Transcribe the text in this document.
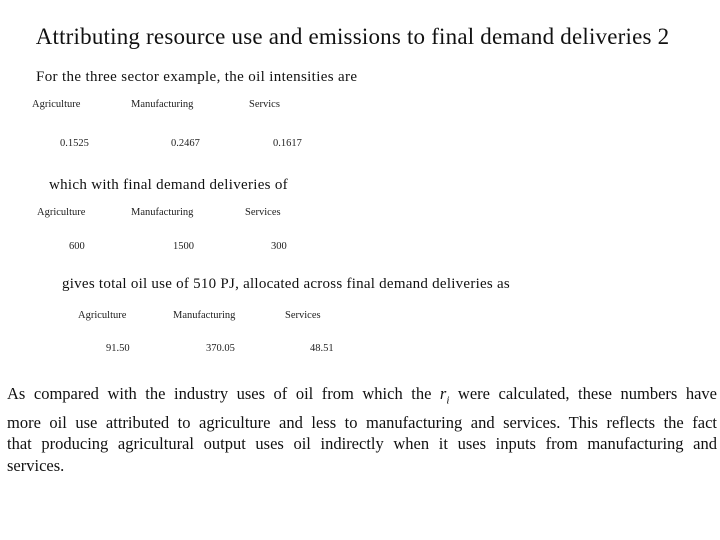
Attributing resource use and emissions to final demand deliveries 2
For the three sector example, the oil intensities are
Agriculture	Manufacturing	Servics
0.1525	0.2467	0.1617
which with final demand deliveries of
Agriculture	Manufacturing	Services
600	1500	300
gives total oil use of 510 PJ, allocated across final demand deliveries as
Agriculture	Manufacturing	Services
91.50	370.05	48.51
As compared with the industry uses of oil from which the $r_i$ were calculated, these numbers have
more oil use attributed to agriculture and less to manufacturing and services. This reflects the fact
that producing agricultural output uses oil indirectly when it uses inputs from manufacturing and
services.
